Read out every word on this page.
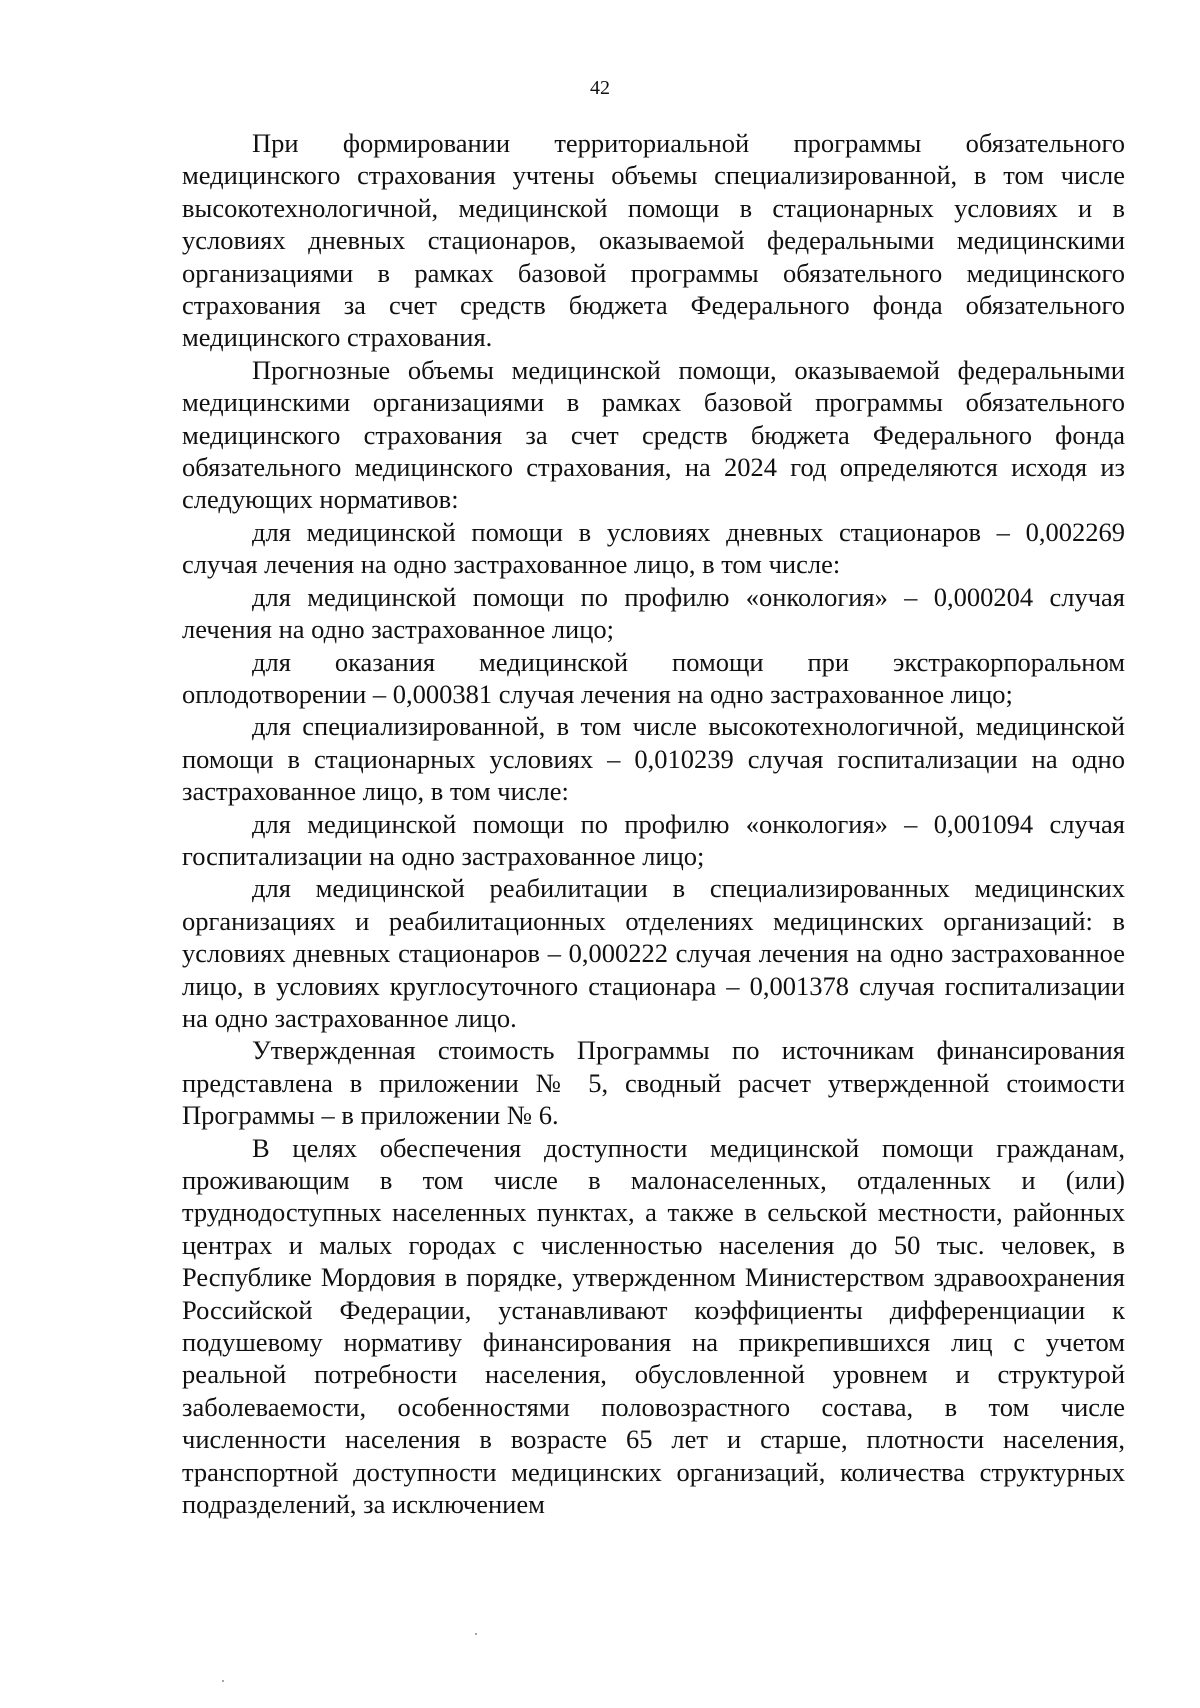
42

При формировании территориальной программы обязательного медицинского страхования учтены объемы специализированной, в том числе высокотехнологичной, медицинской помощи в стационарных условиях и в условиях дневных стационаров, оказываемой федеральными медицинскими организациями в рамках базовой программы обязательного медицинского страхования за счет средств бюджета Федерального фонда обязательного медицинского страхования.

Прогнозные объемы медицинской помощи, оказываемой федеральными медицинскими организациями в рамках базовой программы обязательного медицинского страхования за счет средств бюджета Федерального фонда обязательного медицинского страхования, на 2024 год определяются исходя из следующих нормативов:

для медицинской помощи в условиях дневных стационаров – 0,002269 случая лечения на одно застрахованное лицо, в том числе:

для медицинской помощи по профилю «онкология» – 0,000204 случая лечения на одно застрахованное лицо;

для оказания медицинской помощи при экстракорпоральном оплодотворении – 0,000381 случая лечения на одно застрахованное лицо;

для специализированной, в том числе высокотехнологичной, медицинской помощи в стационарных условиях – 0,010239 случая госпитализации на одно застрахованное лицо, в том числе:

для медицинской помощи по профилю «онкология» – 0,001094 случая госпитализации на одно застрахованное лицо;

для медицинской реабилитации в специализированных медицинских организациях и реабилитационных отделениях медицинских организаций: в условиях дневных стационаров – 0,000222 случая лечения на одно застрахованное лицо, в условиях круглосуточного стационара – 0,001378 случая госпитализации на одно застрахованное лицо.

Утвержденная стоимость Программы по источникам финансирования представлена в приложении № 5, сводный расчет утвержденной стоимости Программы – в приложении № 6.

В целях обеспечения доступности медицинской помощи гражданам, проживающим в том числе в малонаселенных, отдаленных и (или) труднодоступных населенных пунктах, а также в сельской местности, районных центрах и малых городах с численностью населения до 50 тыс. человек, в Республике Мордовия в порядке, утвержденном Министерством здравоохранения Российской Федерации, устанавливают коэффициенты дифференциации к подушевому нормативу финансирования на прикрепившихся лиц с учетом реальной потребности населения, обусловленной уровнем и структурой заболеваемости, особенностями половозрастного состава, в том числе численности населения в возрасте 65 лет и старше, плотности населения, транспортной доступности медицинских организаций, количества структурных подразделений, за исключением
